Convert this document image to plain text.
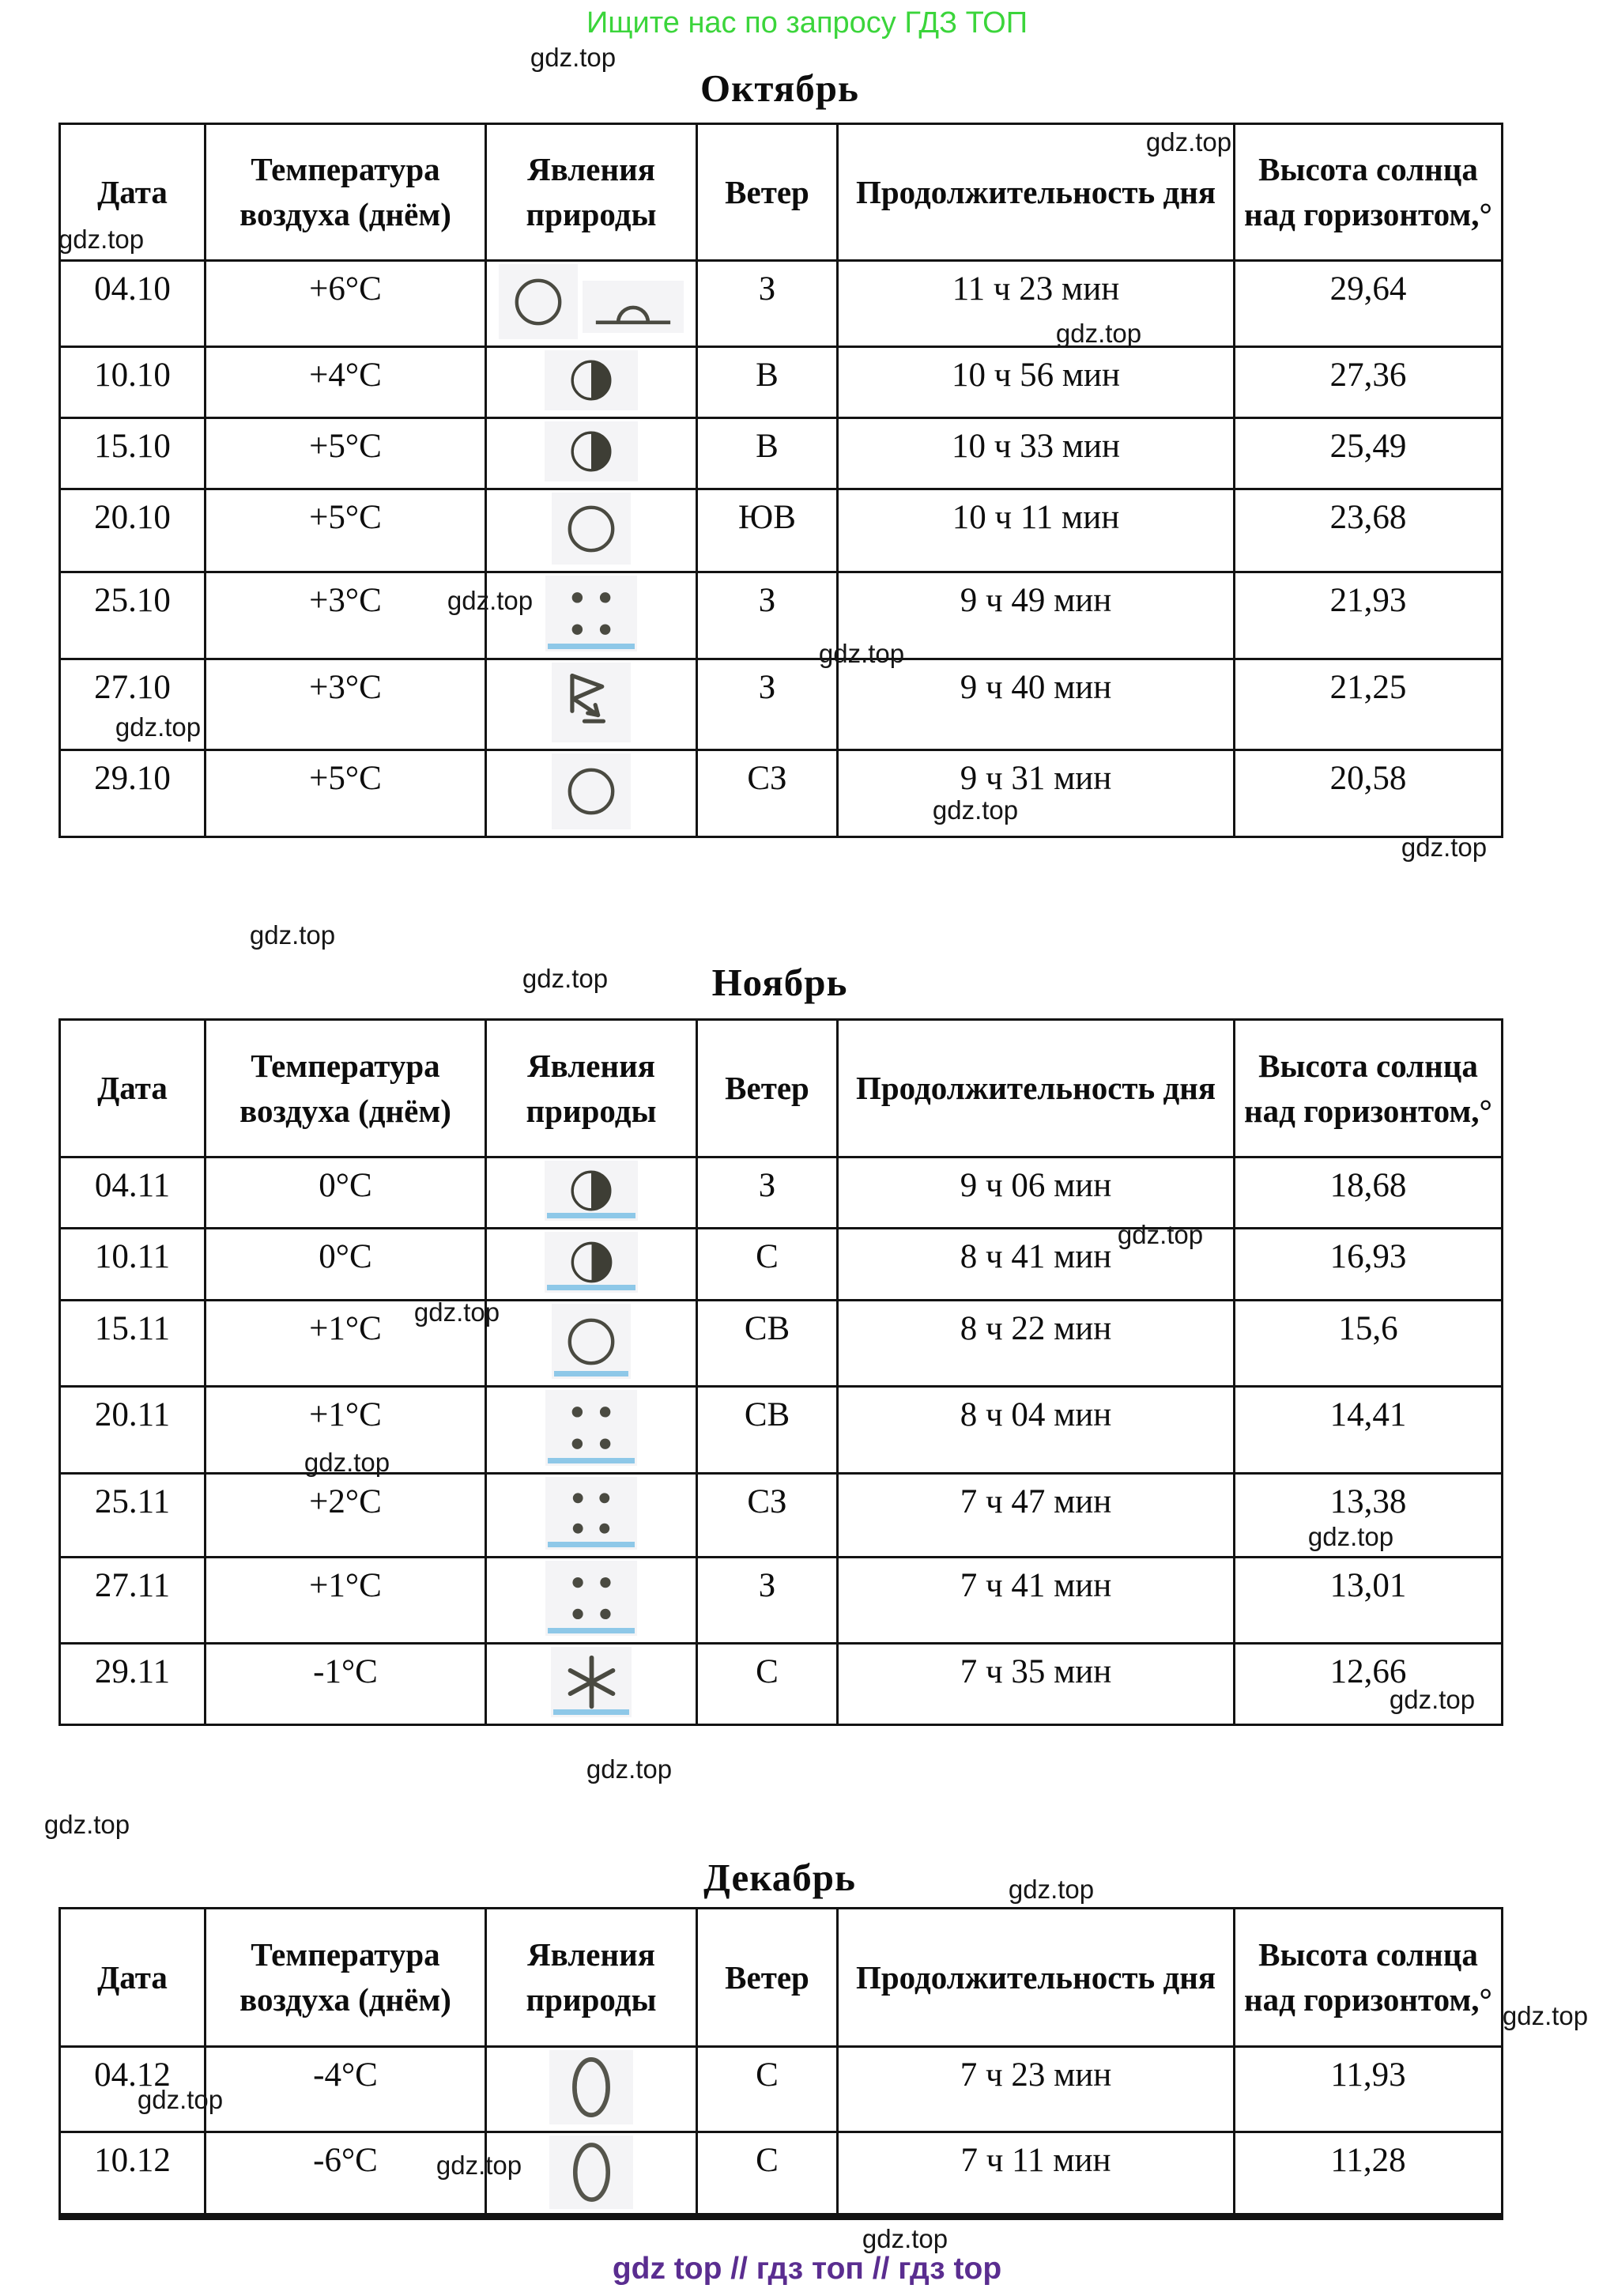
Ищите нас по запросу ГДЗ ТОП
Октябрь
Ноябрь
Декабрь
Дата	Температура воздуха (днём)	Явления природы	Ветер	Продолжительность дня	Высота солнца над горизонтом,°
04.10	+6°С		З	11 ч 23 мин	29,64
10.10	+4°С		В	10 ч 56 мин	27,36
15.10	+5°С		В	10 ч 33 мин	25,49
20.10	+5°С		ЮВ	10 ч 11 мин	23,68
25.10	+3°С		З	9 ч 49 мин	21,93
27.10	+3°С		З	9 ч 40 мин	21,25
29.10	+5°С		СЗ	9 ч 31 мин	20,58
Дата	Температура воздуха (днём)	Явления природы	Ветер	Продолжительность дня	Высота солнца над горизонтом,°
04.11	0°С		З	9 ч 06 мин	18,68
10.11	0°С		С	8 ч 41 мин	16,93
15.11	+1°С		СВ	8 ч 22 мин	15,6
20.11	+1°С		СВ	8 ч 04 мин	14,41
25.11	+2°С		СЗ	7 ч 47 мин	13,38
27.11	+1°С		З	7 ч 41 мин	13,01
29.11	-1°С		С	7 ч 35 мин	12,66
Дата	Температура воздуха (днём)	Явления природы	Ветер	Продолжительность дня	Высота солнца над горизонтом,°
04.12	-4°С		С	7 ч 23 мин	11,93
10.12	-6°С		С	7 ч 11 мин	11,28
gdz.top
gdz.top
gdz.top
gdz.top
gdz.top
gdz.top
gdz.top
gdz.top
gdz.top
gdz.top
gdz.top
gdz.top
gdz.top
gdz.top
gdz.top
gdz.top
gdz.top
gdz.top
gdz.top
gdz.top
gdz.top
gdz.top
gdz.top
gdz top // гдз топ // гдз top
